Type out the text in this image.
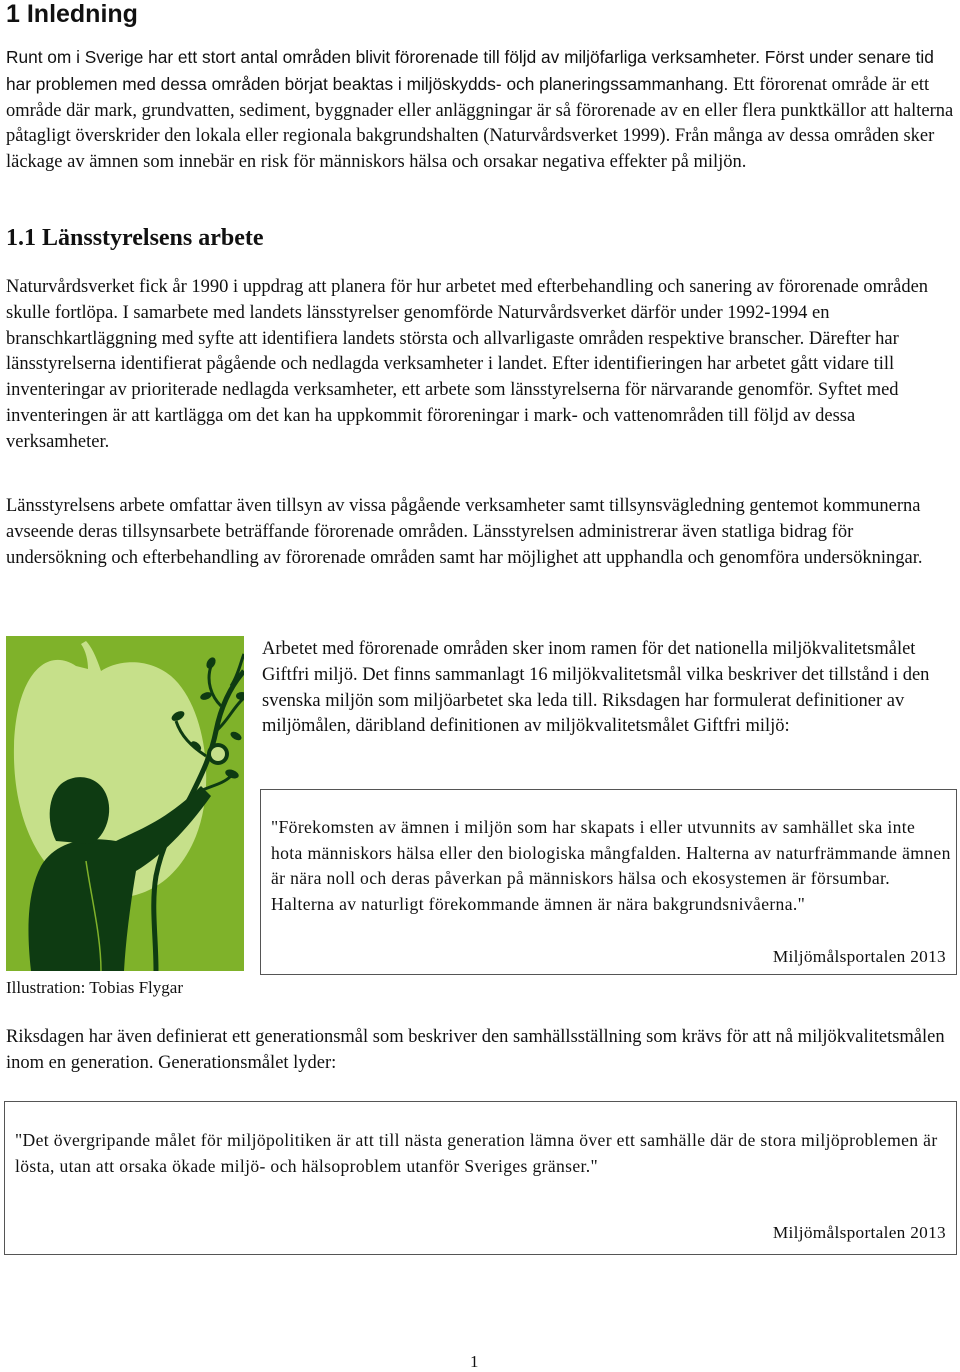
1 Inledning

Runt om i Sverige har ett stort antal områden blivit förorenade till följd av miljöfarliga verksamheter. Först under senare tid har problemen med dessa områden börjat beaktas i miljöskydds- och planeringssammanhang. Ett förorenat område är ett område där mark, grundvatten, sediment, byggnader eller anläggningar är så förorenade av en eller flera punktkällor att halterna påtagligt överskrider den lokala eller regionala bakgrundshalten (Naturvårdsverket 1999). Från många av dessa områden sker läckage av ämnen som innebär en risk för människors hälsa och orsakar negativa effekter på miljön.

1.1 Länsstyrelsens arbete

Naturvårdsverket fick år 1990 i uppdrag att planera för hur arbetet med efterbehandling och sanering av förorenade områden skulle fortlöpa. I samarbete med landets länsstyrelser genomförde Naturvårdsverket därför under 1992-1994 en branschkartläggning med syfte att identifiera landets största och allvarligaste områden respektive branscher. Därefter har länsstyrelserna identifierat pågående och nedlagda verksamheter i landet. Efter identifieringen har arbetet gått vidare till inventeringar av prioriterade nedlagda verksamheter, ett arbete som länsstyrelserna för närvarande genomför. Syftet med inventeringen är att kartlägga om det kan ha uppkommit föroreningar i mark- och vattenområden till följd av dessa verksamheter.

Länsstyrelsens arbete omfattar även tillsyn av vissa pågående verksamheter samt tillsynsvägledning gentemot kommunerna avseende deras tillsynsarbete beträffande förorenade områden. Länsstyrelsen administrerar även statliga bidrag för undersökning och efterbehandling av förorenade områden samt har möjlighet att upphandla och genomföra undersökningar.

Illustration: Tobias Flygar

Arbetet med förorenade områden sker inom ramen för det nationella miljökvalitetsmålet Giftfri miljö. Det finns sammanlagt 16 miljökvalitetsmål vilka beskriver det tillstånd i den svenska miljön som miljöarbetet ska leda till. Riksdagen har formulerat definitioner av miljömålen, däribland definitionen av miljökvalitetsmålet Giftfri miljö:

"Förekomsten av ämnen i miljön som har skapats i eller utvunnits av samhället ska inte hota människors hälsa eller den biologiska mångfalden. Halterna av naturfrämmande ämnen är nära noll och deras påverkan på människors hälsa och ekosystemen är försumbar. Halterna av naturligt förekommande ämnen är nära bakgrundsnivåerna."

Miljömålsportalen 2013

Riksdagen har även definierat ett generationsmål som beskriver den samhällsställning som krävs för att nå miljökvalitetsmålen inom en generation. Generationsmålet lyder:

"Det övergripande målet för miljöpolitiken är att till nästa generation lämna över ett samhälle där de stora miljöproblemen är lösta, utan att orsaka ökade miljö- och hälsoproblem utanför Sveriges gränser."

Miljömålsportalen 2013

1
